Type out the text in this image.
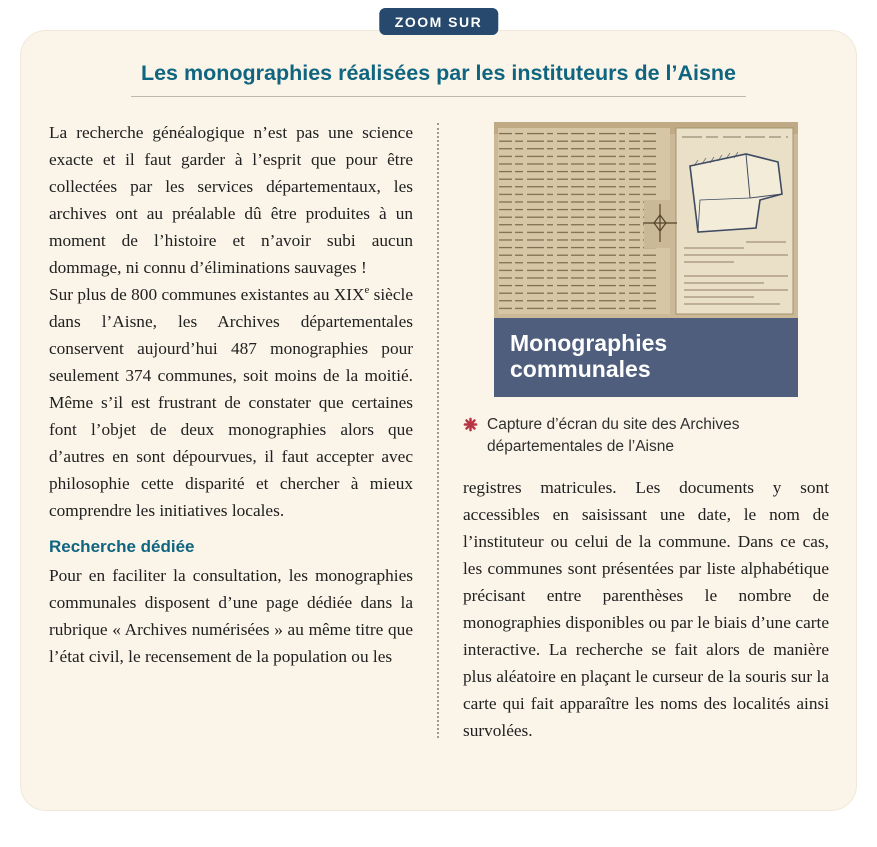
ZOOM SUR
Les monographies réalisées par les instituteurs de l’Aisne

La recherche généalogique n’est pas une science exacte et il faut garder à l’esprit que pour être collectées par les services départementaux, les archives ont au préalable dû être produites à un moment de l’histoire et n’avoir subi aucun dommage, ni connu d’éliminations sauvages !

Sur plus de 800 communes existantes au XIXe siècle dans l’Aisne, les Archives départementales conservent aujourd’hui 487 monographies pour seulement 374 communes, soit moins de la moitié. Même s’il est frustrant de constater que certaines font l’objet de deux monographies alors que d’autres en sont dépourvues, il faut accepter avec philosophie cette disparité et chercher à mieux comprendre les initiatives locales.

Recherche dédiée

Pour en faciliter la consultation, les monographies communales disposent d’une page dédiée dans la rubrique « Archives numérisées » au même titre que l’état civil, le recensement de la population ou les

Monographies communales
Capture d’écran du site des Archives départementales de l’Aisne

registres matricules. Les documents y sont accessibles en saisissant une date, le nom de l’instituteur ou celui de la commune. Dans ce cas, les communes sont présentées par liste alphabétique précisant entre parenthèses le nombre de monographies disponibles ou par le biais d’une carte interactive. La recherche se fait alors de manière plus aléatoire en plaçant le curseur de la souris sur la carte qui fait apparaître les noms des localités ainsi survolées.
